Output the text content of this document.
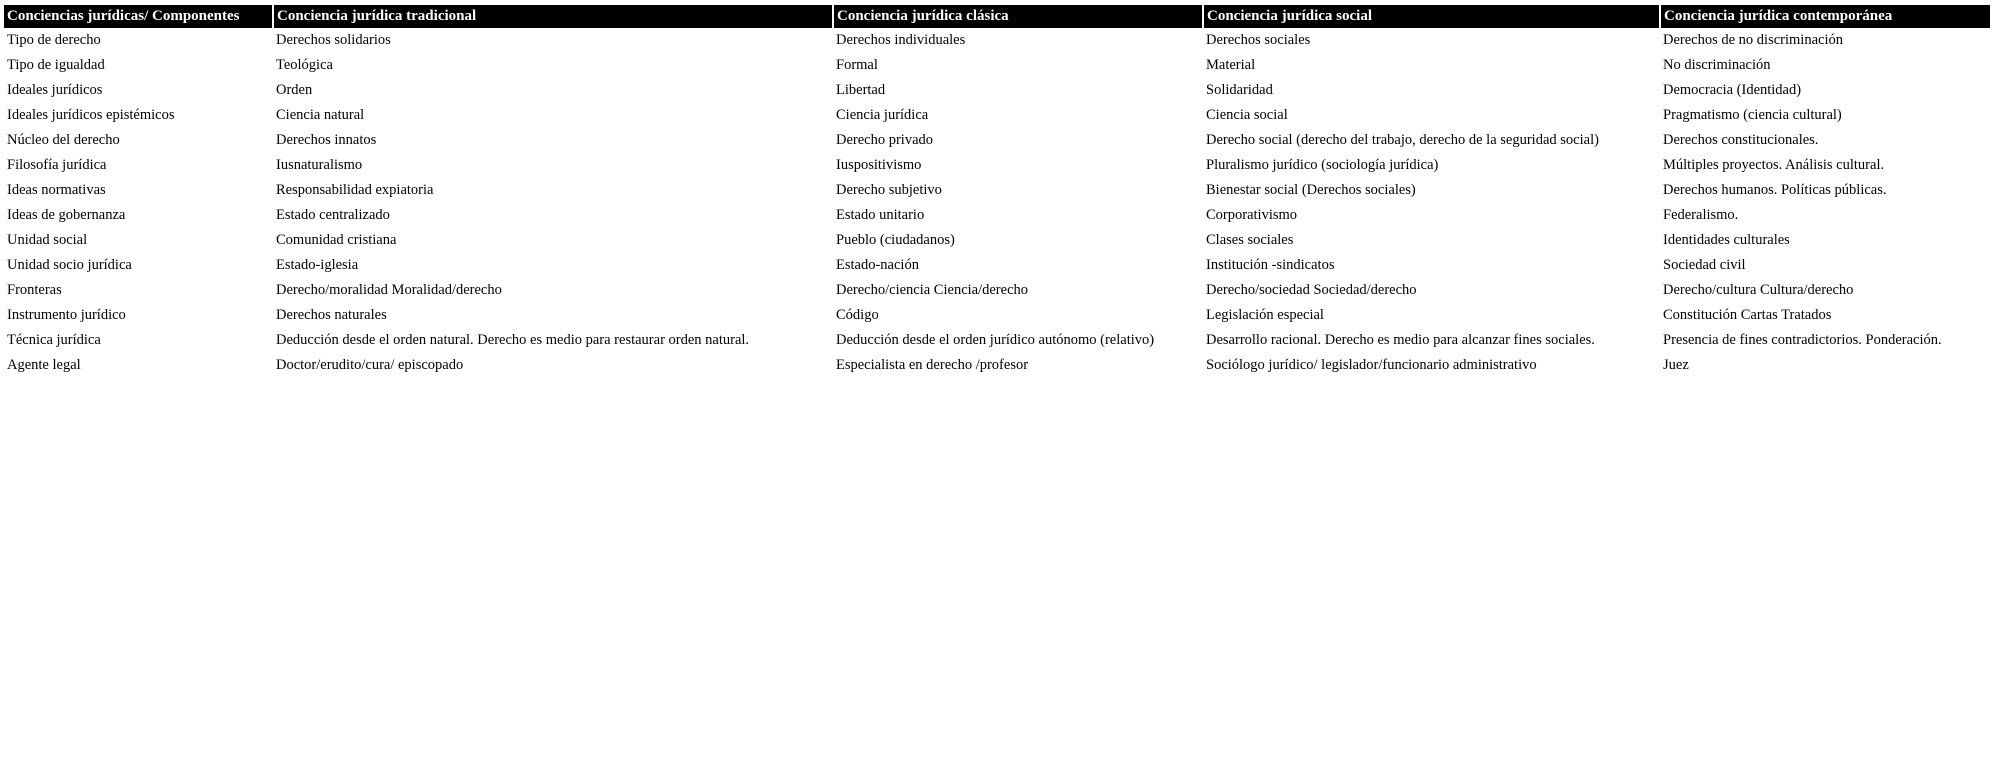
Conciencias jurídicas/ Componentes	Conciencia jurídica tradicional	Conciencia jurídica clásica	Conciencia jurídica social	Conciencia jurídica contemporánea
Tipo de derecho	Derechos solidarios	Derechos individuales	Derechos sociales	Derechos de no discriminación
Tipo de igualdad	Teológica	Formal	Material	No discriminación
Ideales jurídicos	Orden	Libertad	Solidaridad	Democracia (Identidad)
Ideales jurídicos epistémicos	Ciencia natural	Ciencia jurídica	Ciencia social	Pragmatismo (ciencia cultural)
Núcleo del derecho	Derechos innatos	Derecho privado	Derecho social (derecho del trabajo, derecho de la seguridad social)	Derechos constitucionales.
Filosofía jurídica	Iusnaturalismo	Iuspositivismo	Pluralismo jurídico (sociología jurídica)	Múltiples proyectos. Análisis cultural.
Ideas normativas	Responsabilidad expiatoria	Derecho subjetivo	Bienestar social (Derechos sociales)	Derechos humanos. Políticas públicas.
Ideas de gobernanza	Estado centralizado	Estado unitario	Corporativismo	Federalismo.
Unidad social	Comunidad cristiana	Pueblo (ciudadanos)	Clases sociales	Identidades culturales
Unidad socio jurídica	Estado-iglesia	Estado-nación	Institución -sindicatos	Sociedad civil
Fronteras	Derecho/moralidad Moralidad/derecho	Derecho/ciencia Ciencia/derecho	Derecho/sociedad Sociedad/derecho	Derecho/cultura Cultura/derecho
Instrumento jurídico	Derechos naturales	Código	Legislación especial	Constitución Cartas Tratados
Técnica jurídica	Deducción desde el orden natural. Derecho es medio para restaurar orden natural.	Deducción desde el orden jurídico autónomo (relativo)	Desarrollo racional. Derecho es medio para alcanzar fines sociales.	Presencia de fines contradictorios. Ponderación.
Agente legal	Doctor/erudito/cura/ episcopado	Especialista en derecho /profesor	Sociólogo jurídico/ legislador/funcionario administrativo	Juez
